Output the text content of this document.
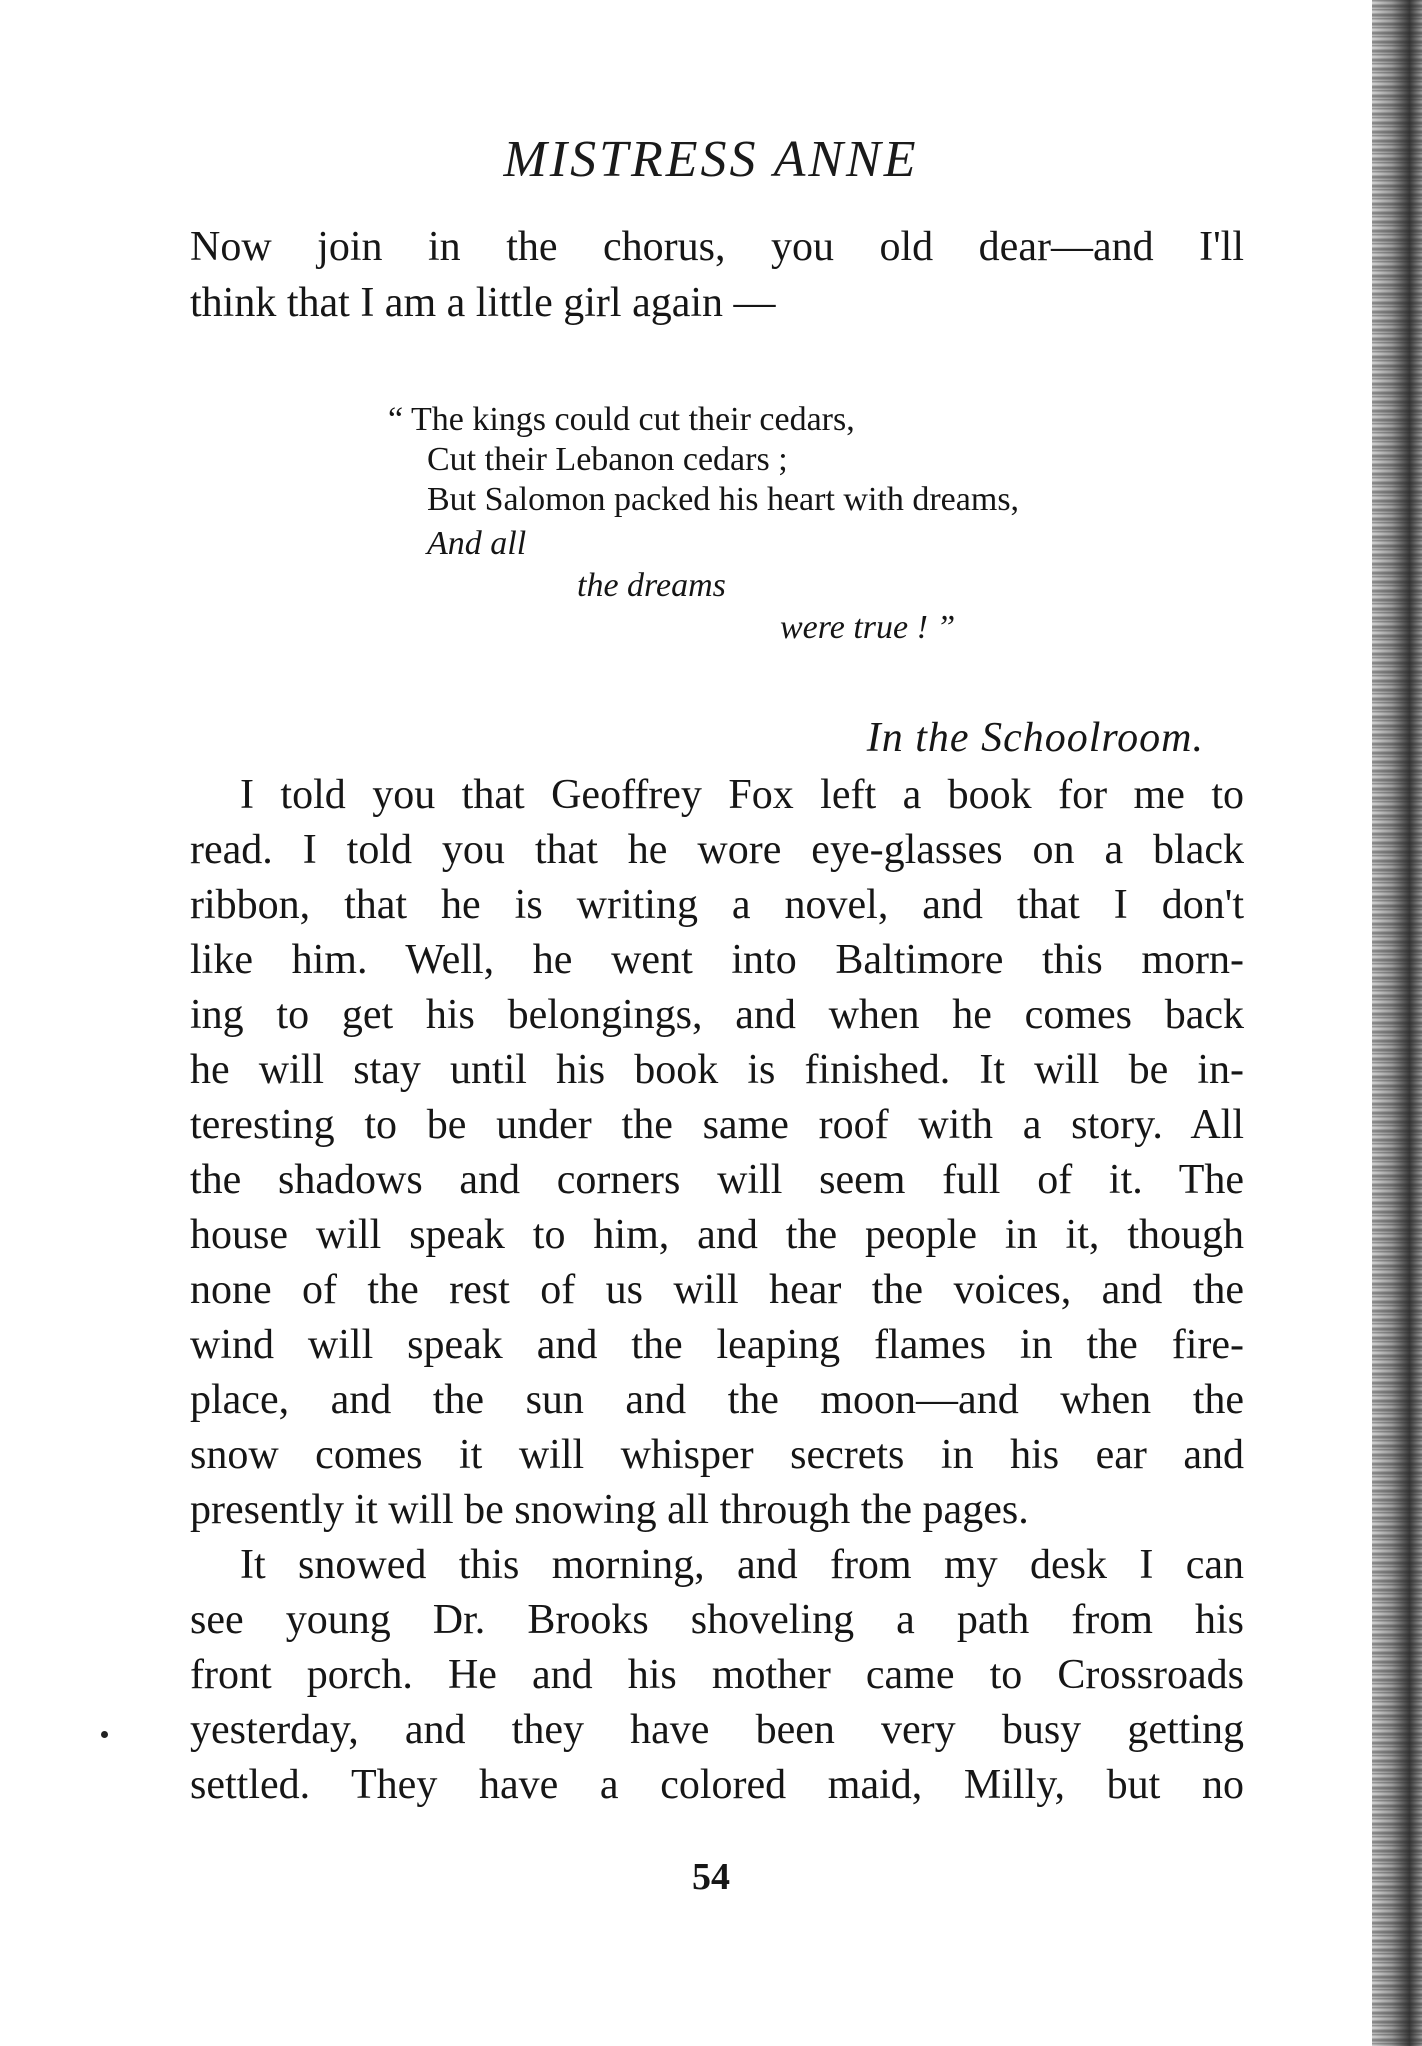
MISTRESS ANNE
Now join in the chorus, you old dear—and I'll
think that I am a little girl again —
“ The kings could cut their cedars,
Cut their Lebanon cedars ;
But Salomon packed his heart with dreams,
And all
the dreams
were true ! ”
In the Schoolroom.
I told you that Geoffrey Fox left a book for me to
read. I told you that he wore eye-glasses on a black
ribbon, that he is writing a novel, and that I don't
like him. Well, he went into Baltimore this morn-
ing to get his belongings, and when he comes back
he will stay until his book is finished. It will be in-
teresting to be under the same roof with a story. All
the shadows and corners will seem full of it. The
house will speak to him, and the people in it, though
none of the rest of us will hear the voices, and the
wind will speak and the leaping flames in the fire-
place, and the sun and the moon—and when the
snow comes it will whisper secrets in his ear and
presently it will be snowing all through the pages.
It snowed this morning, and from my desk I can
see young Dr. Brooks shoveling a path from his
front porch. He and his mother came to Crossroads
yesterday, and they have been very busy getting
settled. They have a colored maid, Milly, but no
54
